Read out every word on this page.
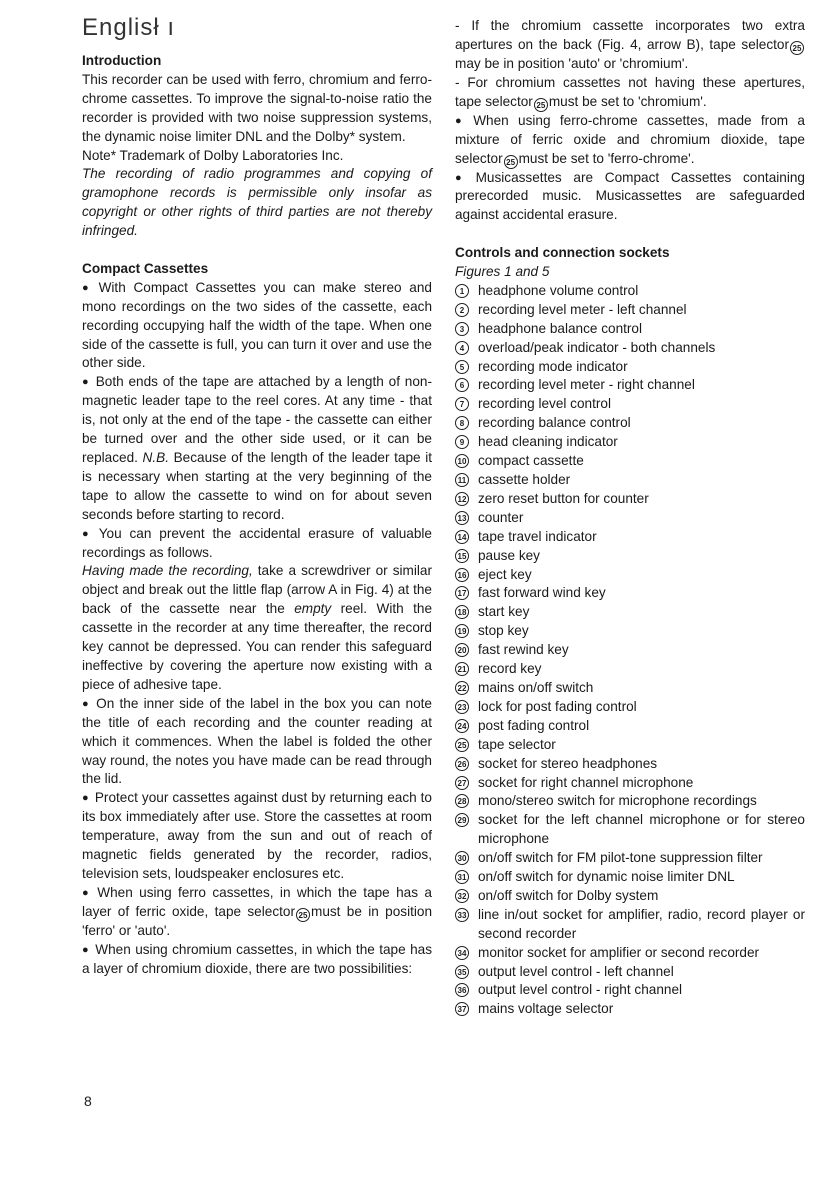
Englisł ı
Introduction

This recorder can be used with ferro, chromium and ferro-chrome cassettes. To improve the signal-to-noise ratio the recorder is provided with two noise suppression systems, the dynamic noise limiter DNL and the Dolby* system.

Note* Trademark of Dolby Laboratories Inc.

The recording of radio programmes and copying of gramophone records is permissible only insofar as copyright or other rights of third parties are not thereby infringed.

Compact Cassettes

● With Compact Cassettes you can make stereo and mono recordings on the two sides of the cassette, each recording occupying half the width of the tape. When one side of the cassette is full, you can turn it over and use the other side.

● Both ends of the tape are attached by a length of non-magnetic leader tape to the reel cores. At any time - that is, not only at the end of the tape - the cassette can either be turned over and the other side used, or it can be replaced. N.B. Because of the length of the leader tape it is necessary when starting at the very beginning of the tape to allow the cassette to wind on for about seven seconds before starting to record.

● You can prevent the accidental erasure of valuable recordings as follows.

Having made the recording, take a screwdriver or similar object and break out the little flap (arrow A in Fig. 4) at the back of the cassette near the empty reel. With the cassette in the recorder at any time thereafter, the record key cannot be depressed. You can render this safeguard ineffective by covering the aperture now existing with a piece of adhesive tape.

● On the inner side of the label in the box you can note the title of each recording and the counter reading at which it commences. When the label is folded the other way round, the notes you have made can be read through the lid.

● Protect your cassettes against dust by returning each to its box immediately after use. Store the cassettes at room temperature, away from the sun and out of reach of magnetic fields generated by the recorder, radios, television sets, loudspeaker enclosures etc.

● When using ferro cassettes, in which the tape has a layer of ferric oxide, tape selector 25 must be in position 'ferro' or 'auto'.

● When using chromium cassettes, in which the tape has a layer of chromium dioxide, there are two possibilities:

- If the chromium cassette incorporates two extra apertures on the back (Fig. 4, arrow B), tape selector 25may be in position 'auto' or 'chromium'.

- For chromium cassettes not having these apertures, tape selector 25 must be set to 'chromium'.

● When using ferro-chrome cassettes, made from a mixture of ferric oxide and chromium dioxide, tape selector 25 must be set to 'ferro-chrome'.

● Musicassettes are Compact Cassettes containing prerecorded music. Musicassettes are safeguarded against accidental erasure.

Controls and connection sockets

Figures 1 and 5

1	headphone volume control
2	recording level meter - left channel
3	headphone balance control
4	overload/peak indicator - both channels
5	recording mode indicator
6	recording level meter - right channel
7	recording level control
8	recording balance control
9	head cleaning indicator
10 compact cassette
11 cassette holder
12 zero reset button for counter
13 counter
14 tape travel indicator
15 pause key
16 eject key
17 fast forward wind key
18 start key
19 stop key
20 fast rewind key
21 record key
22 mains on/off switch
23 lock for post fading control
24 post fading control
25 tape selector
26 socket for stereo headphones
27 socket for right channel microphone
28 mono/stereo switch for microphone recordings
29 socket for the left channel microphone or for stereo microphone
30 on/off switch for FM pilot-tone suppression filter
31 on/off switch for dynamic noise limiter DNL
32 on/off switch for Dolby system
33 line in/out socket for amplifier, radio, record player or second recorder
34 monitor socket for amplifier or second recorder
35 output level control - left channel
36 output level control - right channel
37 mains voltage selector
8
